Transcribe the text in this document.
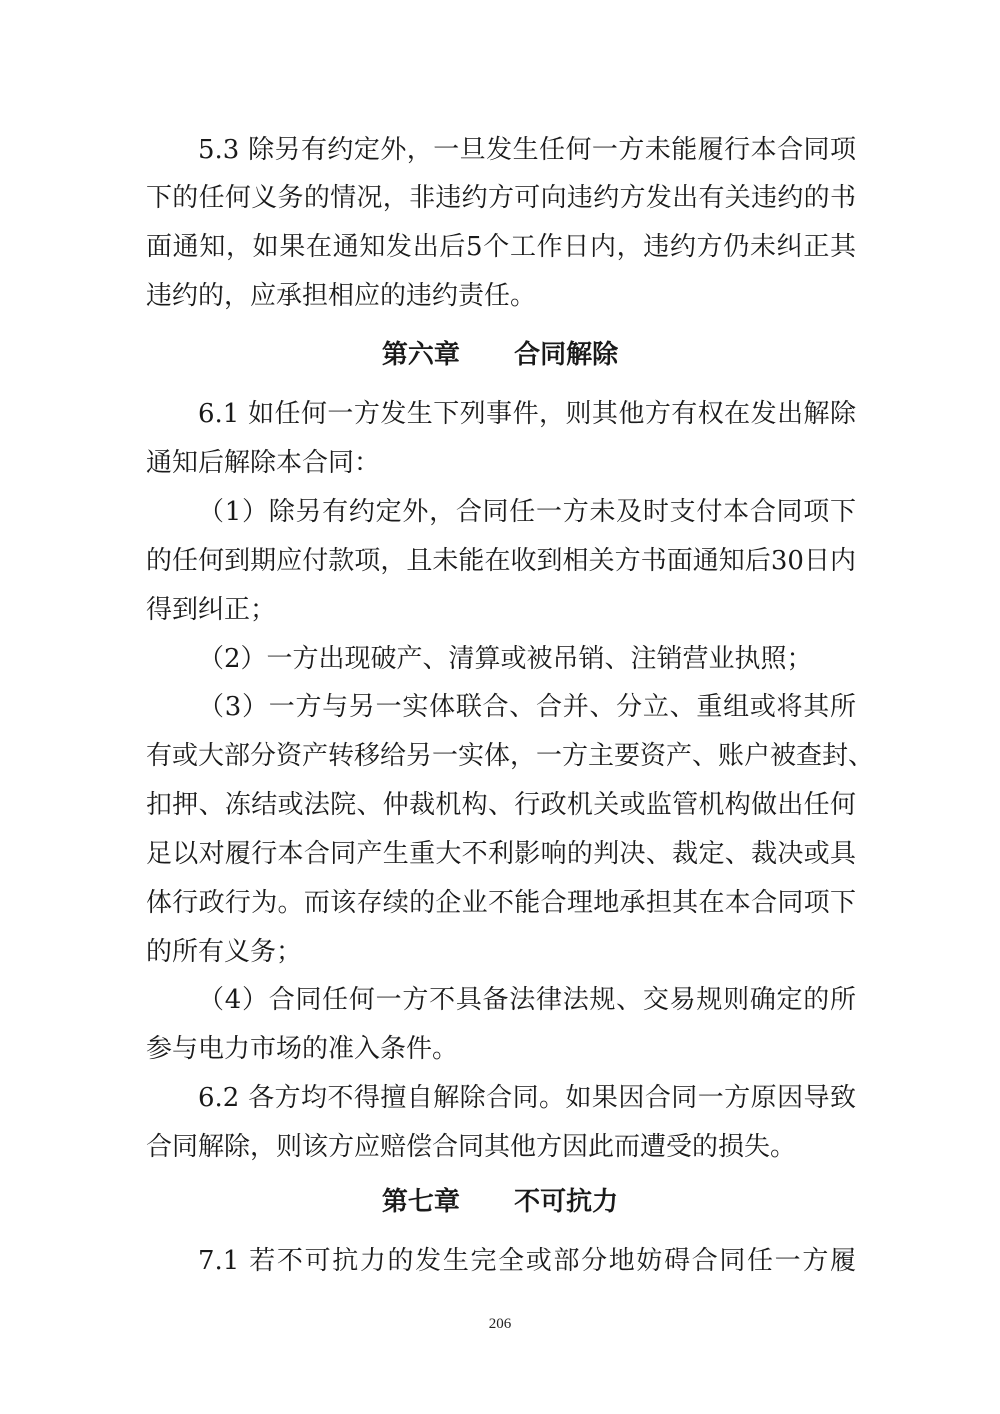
5.3 除另有约定外，一旦发生任何一方未能履行本合同项
下的任何义务的情况，非违约方可向违约方发出有关违约的书
面通知，如果在通知发出后5个工作日内，违约方仍未纠正其
违约的，应承担相应的违约责任。
第六章      合同解除
6.1 如任何一方发生下列事件，则其他方有权在发出解除
通知后解除本合同：
（1）除另有约定外，合同任一方未及时支付本合同项下
的任何到期应付款项，且未能在收到相关方书面通知后30日内
得到纠正；
（2）一方出现破产、清算或被吊销、注销营业执照；
（3）一方与另一实体联合、合并、分立、重组或将其所
有或大部分资产转移给另一实体，一方主要资产、账户被查封、
扣押、冻结或法院、仲裁机构、行政机关或监管机构做出任何
足以对履行本合同产生重大不利影响的判决、裁定、裁决或具
体行政行为。而该存续的企业不能合理地承担其在本合同项下
的所有义务；
（4）合同任何一方不具备法律法规、交易规则确定的所
参与电力市场的准入条件。
6.2 各方均不得擅自解除合同。如果因合同一方原因导致
合同解除，则该方应赔偿合同其他方因此而遭受的损失。
第七章      不可抗力
7.1 若不可抗力的发生完全或部分地妨碍合同任一方履
206
